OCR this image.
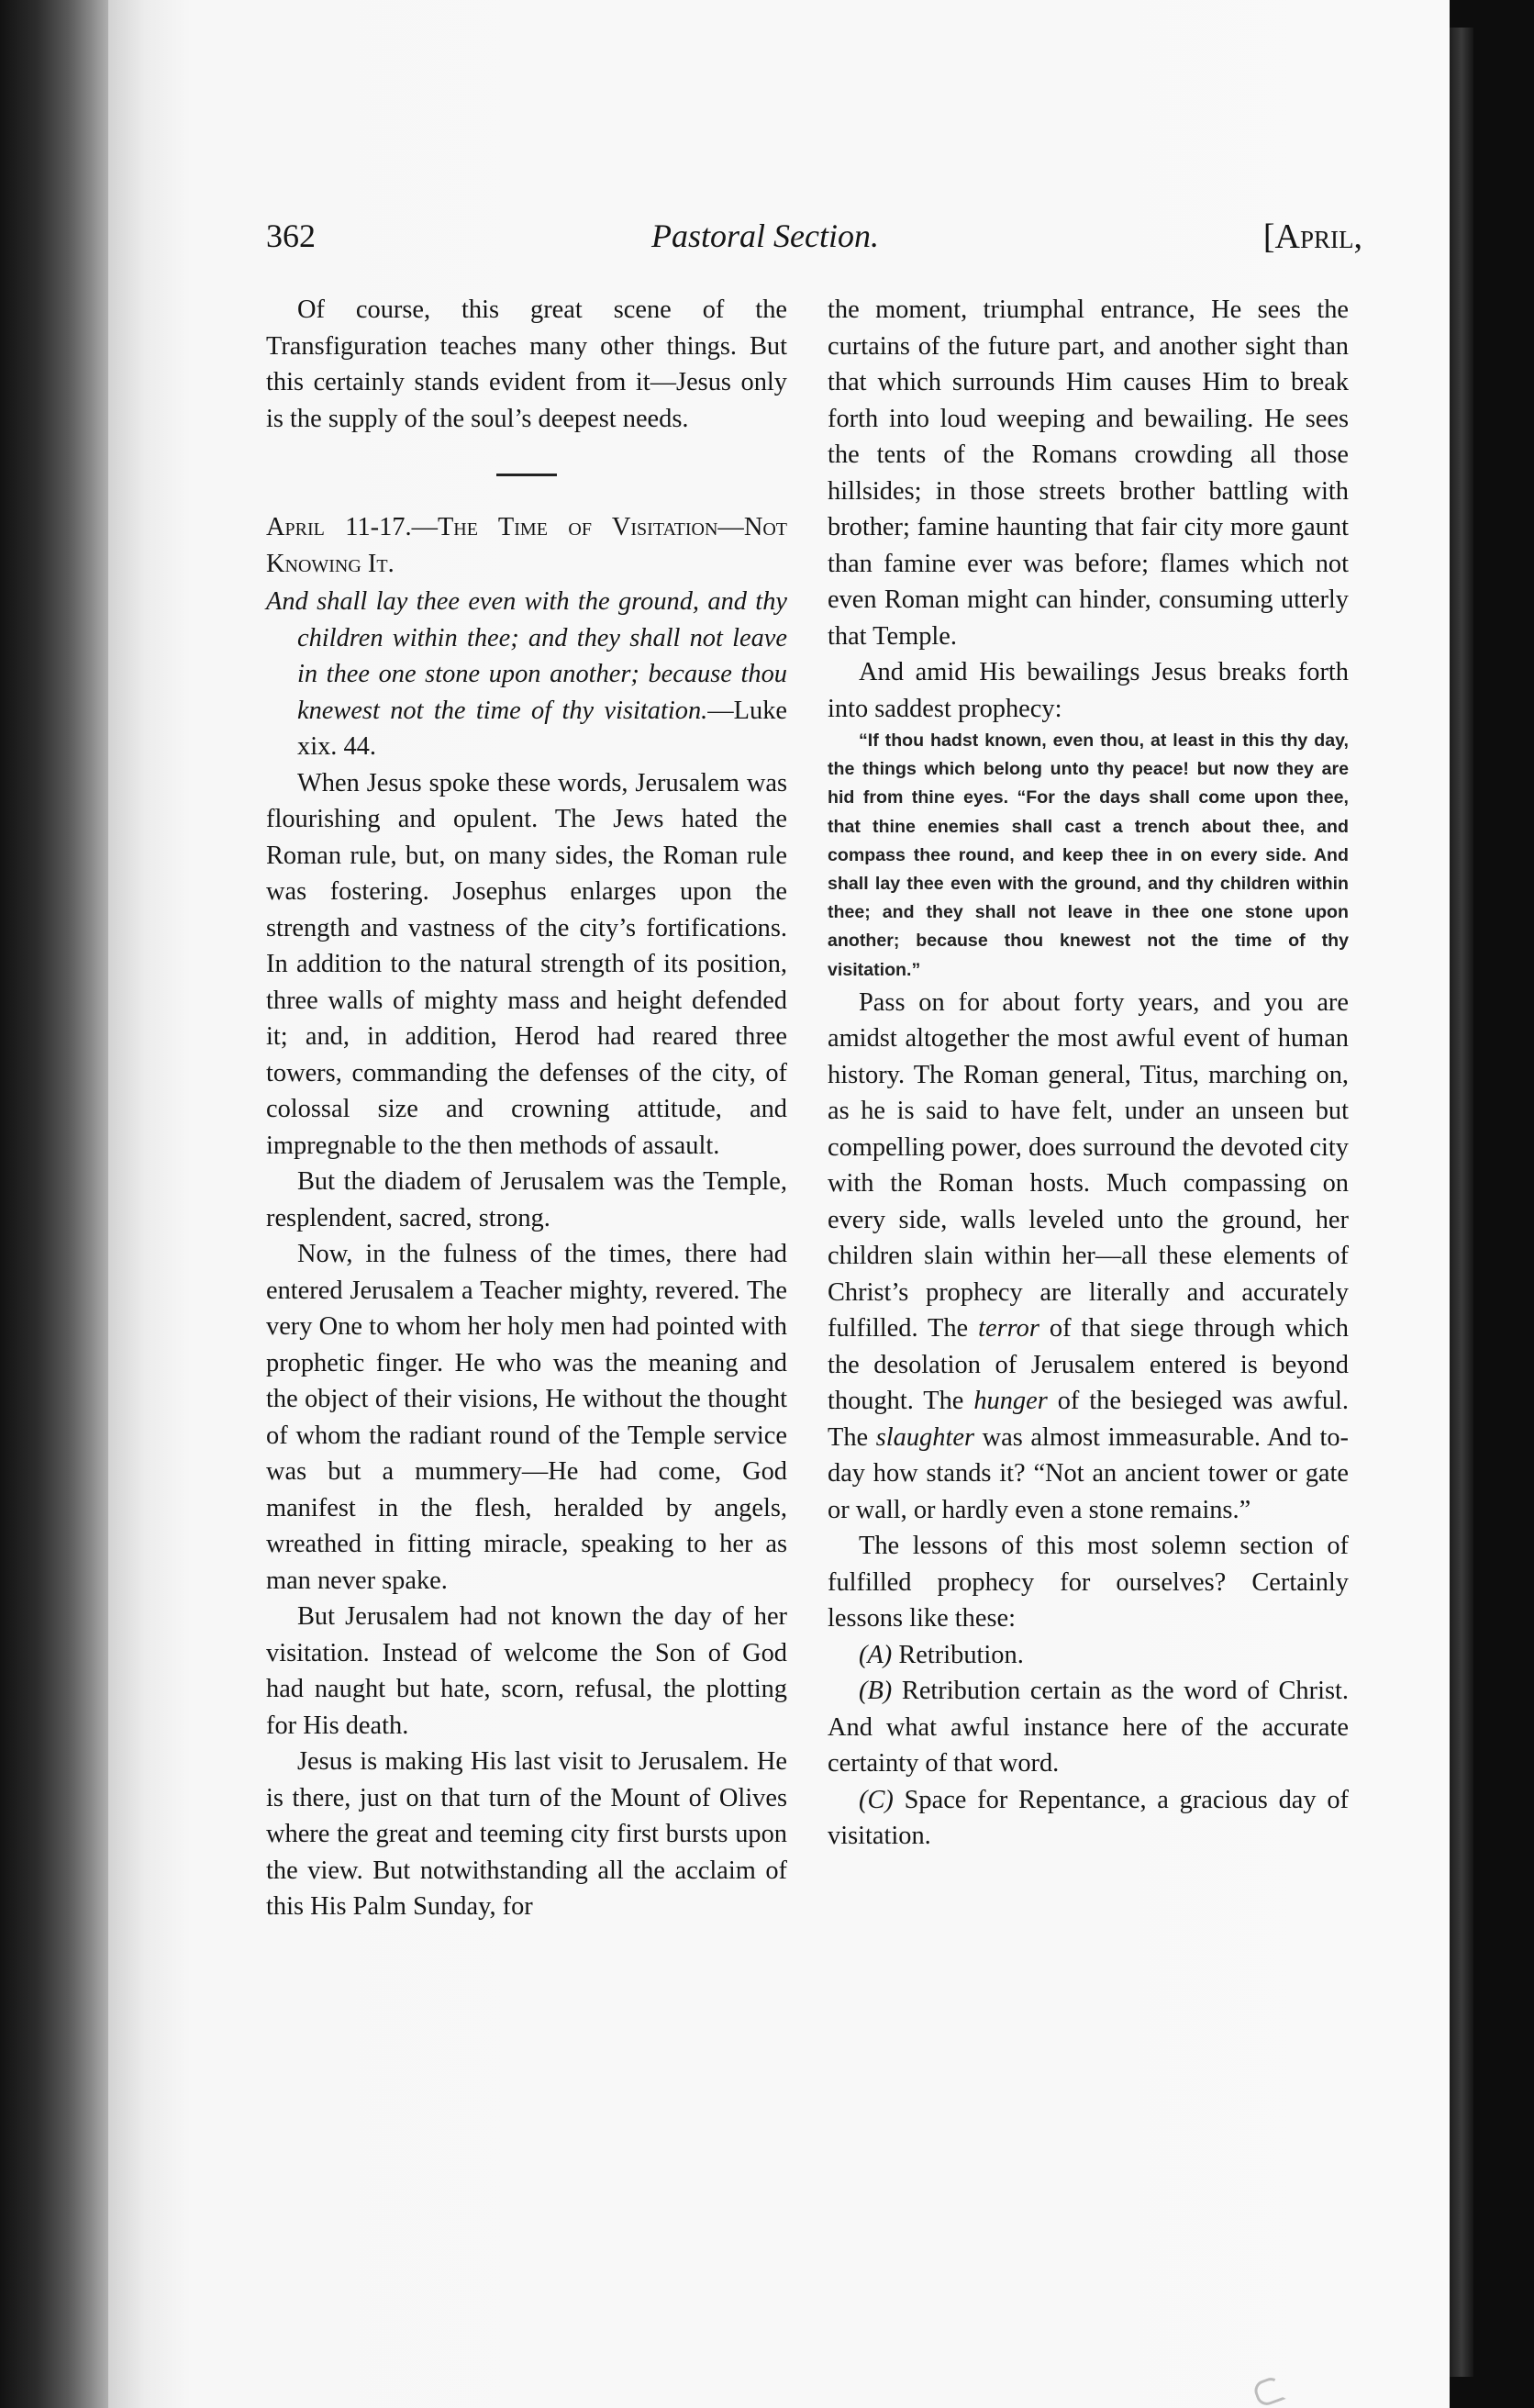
362	Pastoral Section.	[April,

Of course, this great scene of the Transfiguration teaches many other things. But this certainly stands evident from it—Jesus only is the supply of the soul’s deepest needs.

April 11-17.—The Time of Visitation—Not Knowing It.

And shall lay thee even with the ground, and thy children within thee; and they shall not leave in thee one stone upon another; because thou knewest not the time of thy visitation.—Luke xix. 44.

When Jesus spoke these words, Jerusalem was flourishing and opulent. The Jews hated the Roman rule, but, on many sides, the Roman rule was fostering. Josephus enlarges upon the strength and vastness of the city’s fortifications. In addition to the natural strength of its position, three walls of mighty mass and height defended it; and, in addition, Herod had reared three towers, commanding the defenses of the city, of colossal size and crowning attitude, and impregnable to the then methods of assault.

But the diadem of Jerusalem was the Temple, resplendent, sacred, strong.

Now, in the fulness of the times, there had entered Jerusalem a Teacher mighty, revered. The very One to whom her holy men had pointed with prophetic finger. He who was the meaning and the object of their visions, He without the thought of whom the radiant round of the Temple service was but a mummery—He had come, God manifest in the flesh, heralded by angels, wreathed in fitting miracle, speaking to her as man never spake.

But Jerusalem had not known the day of her visitation. Instead of welcome the Son of God had naught but hate, scorn, refusal, the plotting for His death.

Jesus is making His last visit to Jerusalem. He is there, just on that turn of the Mount of Olives where the great and teeming city first bursts upon the view. But notwithstanding all the acclaim of this His Palm Sunday, for

the moment, triumphal entrance, He sees the curtains of the future part, and another sight than that which surrounds Him causes Him to break forth into loud weeping and bewailing. He sees the tents of the Romans crowding all those hillsides; in those streets brother battling with brother; famine haunting that fair city more gaunt than famine ever was before; flames which not even Roman might can hinder, consuming utterly that Temple.

And amid His bewailings Jesus breaks forth into saddest prophecy:

“If thou hadst known, even thou, at least in this thy day, the things which belong unto thy peace! but now they are hid from thine eyes. “For the days shall come upon thee, that thine enemies shall cast a trench about thee, and compass thee round, and keep thee in on every side. And shall lay thee even with the ground, and thy children within thee; and they shall not leave in thee one stone upon another; because thou knewest not the time of thy visitation.”

Pass on for about forty years, and you are amidst altogether the most awful event of human history. The Roman general, Titus, marching on, as he is said to have felt, under an unseen but compelling power, does surround the devoted city with the Roman hosts. Much compassing on every side, walls leveled unto the ground, her children slain within her—all these elements of Christ’s prophecy are literally and accurately fulfilled. The terror of that siege through which the desolation of Jerusalem entered is beyond thought. The hunger of the besieged was awful. The slaughter was almost immeasurable. And to-day how stands it? “Not an ancient tower or gate or wall, or hardly even a stone remains.”

The lessons of this most solemn section of fulfilled prophecy for ourselves? Certainly lessons like these:

(A) Retribution.

(B) Retribution certain as the word of Christ. And what awful instance here of the accurate certainty of that word.

(C) Space for Repentance, a gracious day of visitation.
